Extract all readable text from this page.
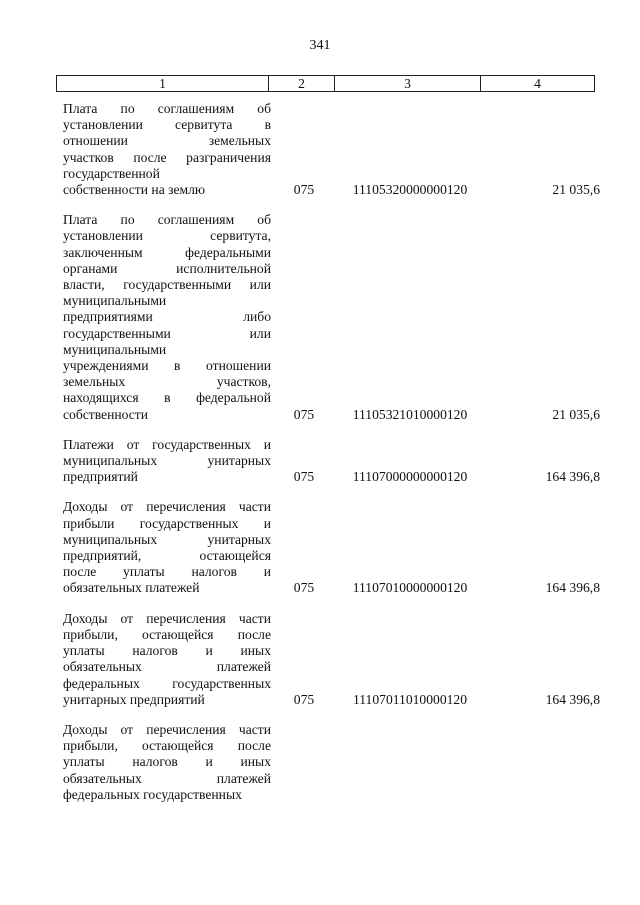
341
1	2	3	4
Плата по соглашениям об
установлении сервитута в
отношении земельных
участков после разграничения
государственной
собственности на землю	075	11105320000000120	21 035,6
Плата по соглашениям об
установлении сервитута,
заключенным федеральными
органами исполнительной
власти, государственными или
муниципальными
предприятиями либо
государственными или
муниципальными
учреждениями в отношении
земельных участков,
находящихся в федеральной
собственности	075	11105321010000120	21 035,6
Платежи от государственных и
муниципальных унитарных
предприятий	075	11107000000000120	164 396,8
Доходы от перечисления части
прибыли государственных и
муниципальных унитарных
предприятий, остающейся
после уплаты налогов и
обязательных платежей	075	11107010000000120	164 396,8
Доходы от перечисления части
прибыли, остающейся после
уплаты налогов и иных
обязательных платежей
федеральных государственных
унитарных предприятий	075	11107011010000120	164 396,8
Доходы от перечисления части
прибыли, остающейся после
уплаты налогов и иных
обязательных платежей
федеральных государственных
